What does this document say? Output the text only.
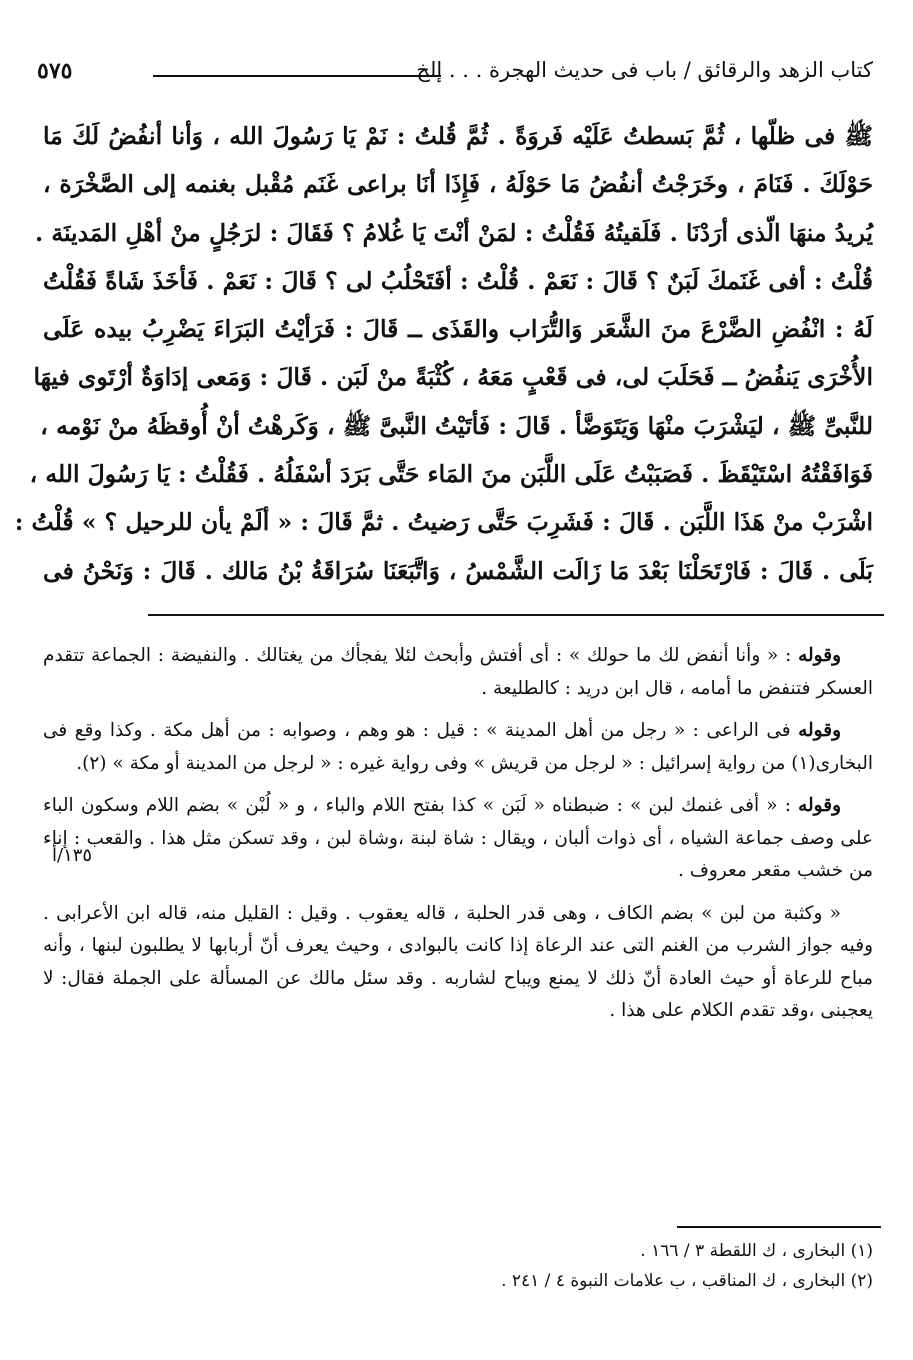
كتاب الزهد والرقائق / باب فى حديث الهجرة . . . إلخ
٥٧٥
ﷺ فى ظلّها ، ثُمَّ بَسطتُ عَلَيْه فَروَةً . ثُمَّ قُلتُ : نَمْ يَا رَسُولَ الله ، وَأنا أنفُضُ لَكَ مَا
حَوْلَكَ . فَنَامَ ، وخَرَجْتُ أنفُضُ مَا حَوْلَهُ ، فَإِذَا أنَا براعى غَنَم مُقْبل بغنمه إلى الصَّخْرَة ،
يُريدُ منهَا الّذى أرَدْنَا . فَلَقيتُهُ فَقُلْتُ : لمَنْ أنْتَ يَا غُلامُ ؟ فَقَالَ : لرَجُلٍ منْ أهْلِ المَدينَة .
قُلْتُ : أفى غَنَمكَ لَبَنٌ ؟ قَالَ : نَعَمْ . قُلْتُ : أفَتَحْلُبُ لى ؟ قَالَ : نَعَمْ . فَأخَذَ شَاةً فَقُلْتُ
لَهُ : انْفُضِ الضَّرْعَ منَ الشَّعَر وَالتُّرَاب والقَذَى ــ قَالَ : فَرَأيْتُ البَرَاءَ يَضْرِبُ بيده عَلَى
الأُخْرَى يَنفُضُ ــ فَحَلَبَ لى، فى قَعْبٍ مَعَهُ ، كُثْبَةً منْ لَبَن . قَالَ : وَمَعى إدَاوَةٌ أرْتَوى فيهَا
للنَّبىِّ ﷺ ، ليَشْرَبَ منْهَا وَيَتَوَضَّأ . قَالَ : فَأتَيْتُ النَّبىَّ ﷺ ، وَكَرهْتُ أنْ أُوقظَهُ منْ نَوْمه ،
فَوَافَقْتُهُ اسْتَيْقَظَ . فَصَبَبْتُ عَلَى اللَّبَن منَ المَاء حَتَّى بَرَدَ أسْفَلُهُ . فَقُلْتُ : يَا رَسُولَ الله ،
اشْرَبْ منْ هَذَا اللَّبَن . قَالَ : فَشَرِبَ حَتَّى رَضيتُ . ثمَّ قَالَ : « ألَمْ يأن للرحيل ؟ » قُلْتُ :
بَلَى . قَالَ : فَارْتَحَلْنَا بَعْدَ مَا زَالَت الشَّمْسُ ، وَاتَّبَعَنَا سُرَاقَةُ بْنُ مَالك . قَالَ : وَنَحْنُ فى

وقوله : « وأنا أنفض لك ما حولك » : أى أفتش وأبحث لئلا يفجأك من يغتالك . والنفيضة : الجماعة تتقدم العسكر فتنفض ما أمامه ، قال ابن دريد : كالطليعة .

وقوله فى الراعى : « رجل من أهل المدينة » : قيل : هو وهم ، وصوابه : من أهل مكة . وكذا وقع فى البخارى(١) من رواية إسرائيل : « لرجل من قريش » وفى رواية غيره : « لرجل من المدينة أو مكة » (٢).

وقوله : « أفى غنمك لبن » : ضبطناه « لَبَن » كذا بفتح اللام والباء ، و « لُبْن » بضم اللام وسكون الباء على وصف جماعة الشياه ، أى ذوات ألبان ، ويقال : شاة لبنة ،وشاة لبن ، وقد تسكن مثل هذا . والقعب : إناء من خشب مقعر معروف .

« وكثبة من لبن » بضم الكاف ، وهى قدر الحلبة ، قاله يعقوب . وقيل : القليل منه، قاله ابن الأعرابى . وفيه جواز الشرب من الغنم التى عند الرعاة إذا كانت بالبوادى ، وحيث يعرف أنّ أربابها لا يطلبون لبنها ، وأنه مباح للرعاة أو حيث العادة أنّ ذلك لا يمنع ويباح لشاربه . وقد سئل مالك عن المسألة على الجملة فقال: لا يعجبنى ،وقد تقدم الكلام على هذا .

١٣٥/أ
(١) البخارى ، ك اللقطة ٣ / ١٦٦ .
(٢) البخارى ، ك المناقب ، ب علامات النبوة ٤ / ٢٤١ .
